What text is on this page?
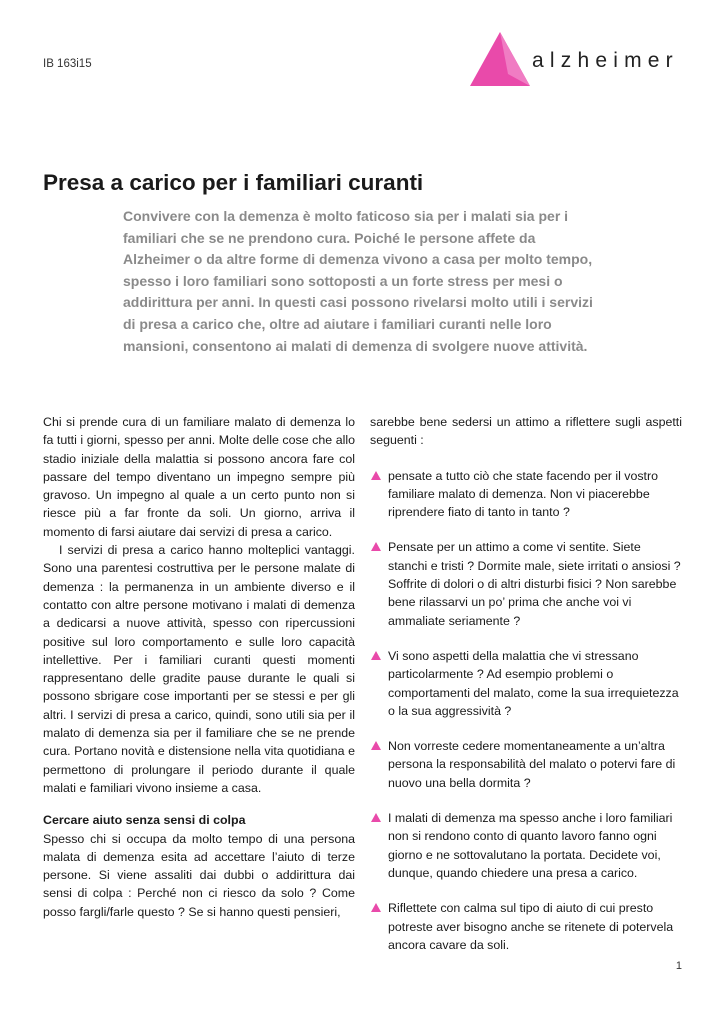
IB 163i15	alzheimer
Presa a carico per i familiari curanti

Convivere con la demenza è molto faticoso sia per i malati sia per i familiari che se ne prendono cura. Poiché le persone affete da Alzheimer o da altre forme di demenza vivono a casa per molto tempo, spesso i loro familiari sono sottoposti a un forte stress per mesi o addirittura per anni. In questi casi possono rivelarsi molto utili i servizi di presa a carico che, oltre ad aiutare i familiari curanti nelle loro mansioni, consentono ai malati di demenza di svolgere nuove attività.

Chi si prende cura di un familiare malato di demenza lo fa tutti i giorni, spesso per anni. Molte delle cose che allo stadio iniziale della malattia si possono ancora fare col passare del tempo diventano un impegno sempre più gravoso. Un impegno al quale a un certo punto non si riesce più a far fronte da soli. Un giorno, arriva il momento di farsi aiutare dai servizi di presa a carico.

I servizi di presa a carico hanno molteplici vantaggi. Sono una parentesi costruttiva per le persone malate di demenza : la permanenza in un ambiente diverso e il contatto con altre persone motivano i malati di demenza a dedicarsi a nuove attività, spesso con ripercussioni positive sul loro comportamento e sulle loro capacità intellettive. Per i familiari curanti questi momenti rappresentano delle gradite pause durante le quali si possono sbrigare cose importanti per se stessi e per gli altri. I servizi di presa a carico, quindi, sono utili sia per il malato di demenza sia per il familiare che se ne prende cura. Portano novità e distensione nella vita quotidiana e permettono di prolungare il periodo durante il quale malati e familiari vivono insieme a casa.

Cercare aiuto senza sensi di colpa

Spesso chi si occupa da molto tempo di una persona malata di demenza esita ad accettare l’aiuto di terze persone. Si viene assaliti dai dubbi o addirittura dai sensi di colpa : Perché non ci riesco da solo ? Come posso fargli/farle questo ? Se si hanno questi pensieri,

sarebbe bene sedersi un attimo a riflettere sugli aspetti seguenti :

pensate a tutto ciò che state facendo per il vostro familiare malato di demenza. Non vi piacerebbe riprendere fiato di tanto in tanto ?
Pensate per un attimo a come vi sentite. Siete stanchi e tristi ? Dormite male, siete irritati o ansiosi ? Soffrite di dolori o di altri disturbi fisici ? Non sarebbe bene rilassarvi un po’ prima che anche voi vi ammaliate seriamente ?
Vi sono aspetti della malattia che vi stressano particolarmente ? Ad esempio problemi o comportamenti del malato, come la sua irrequietezza o la sua aggressività ?
Non vorreste cedere momentaneamente a un’altra persona la responsabilità del malato o potervi fare di nuovo una bella dormita ?
I malati di demenza ma spesso anche i loro familiari non si rendono conto di quanto lavoro fanno ogni giorno e ne sottovalutano la portata. Decidete voi, dunque, quando chiedere una presa a carico.
Riflettete con calma sul tipo di aiuto di cui presto potreste aver bisogno anche se ritenete di potervela ancora cavare da soli.
1
